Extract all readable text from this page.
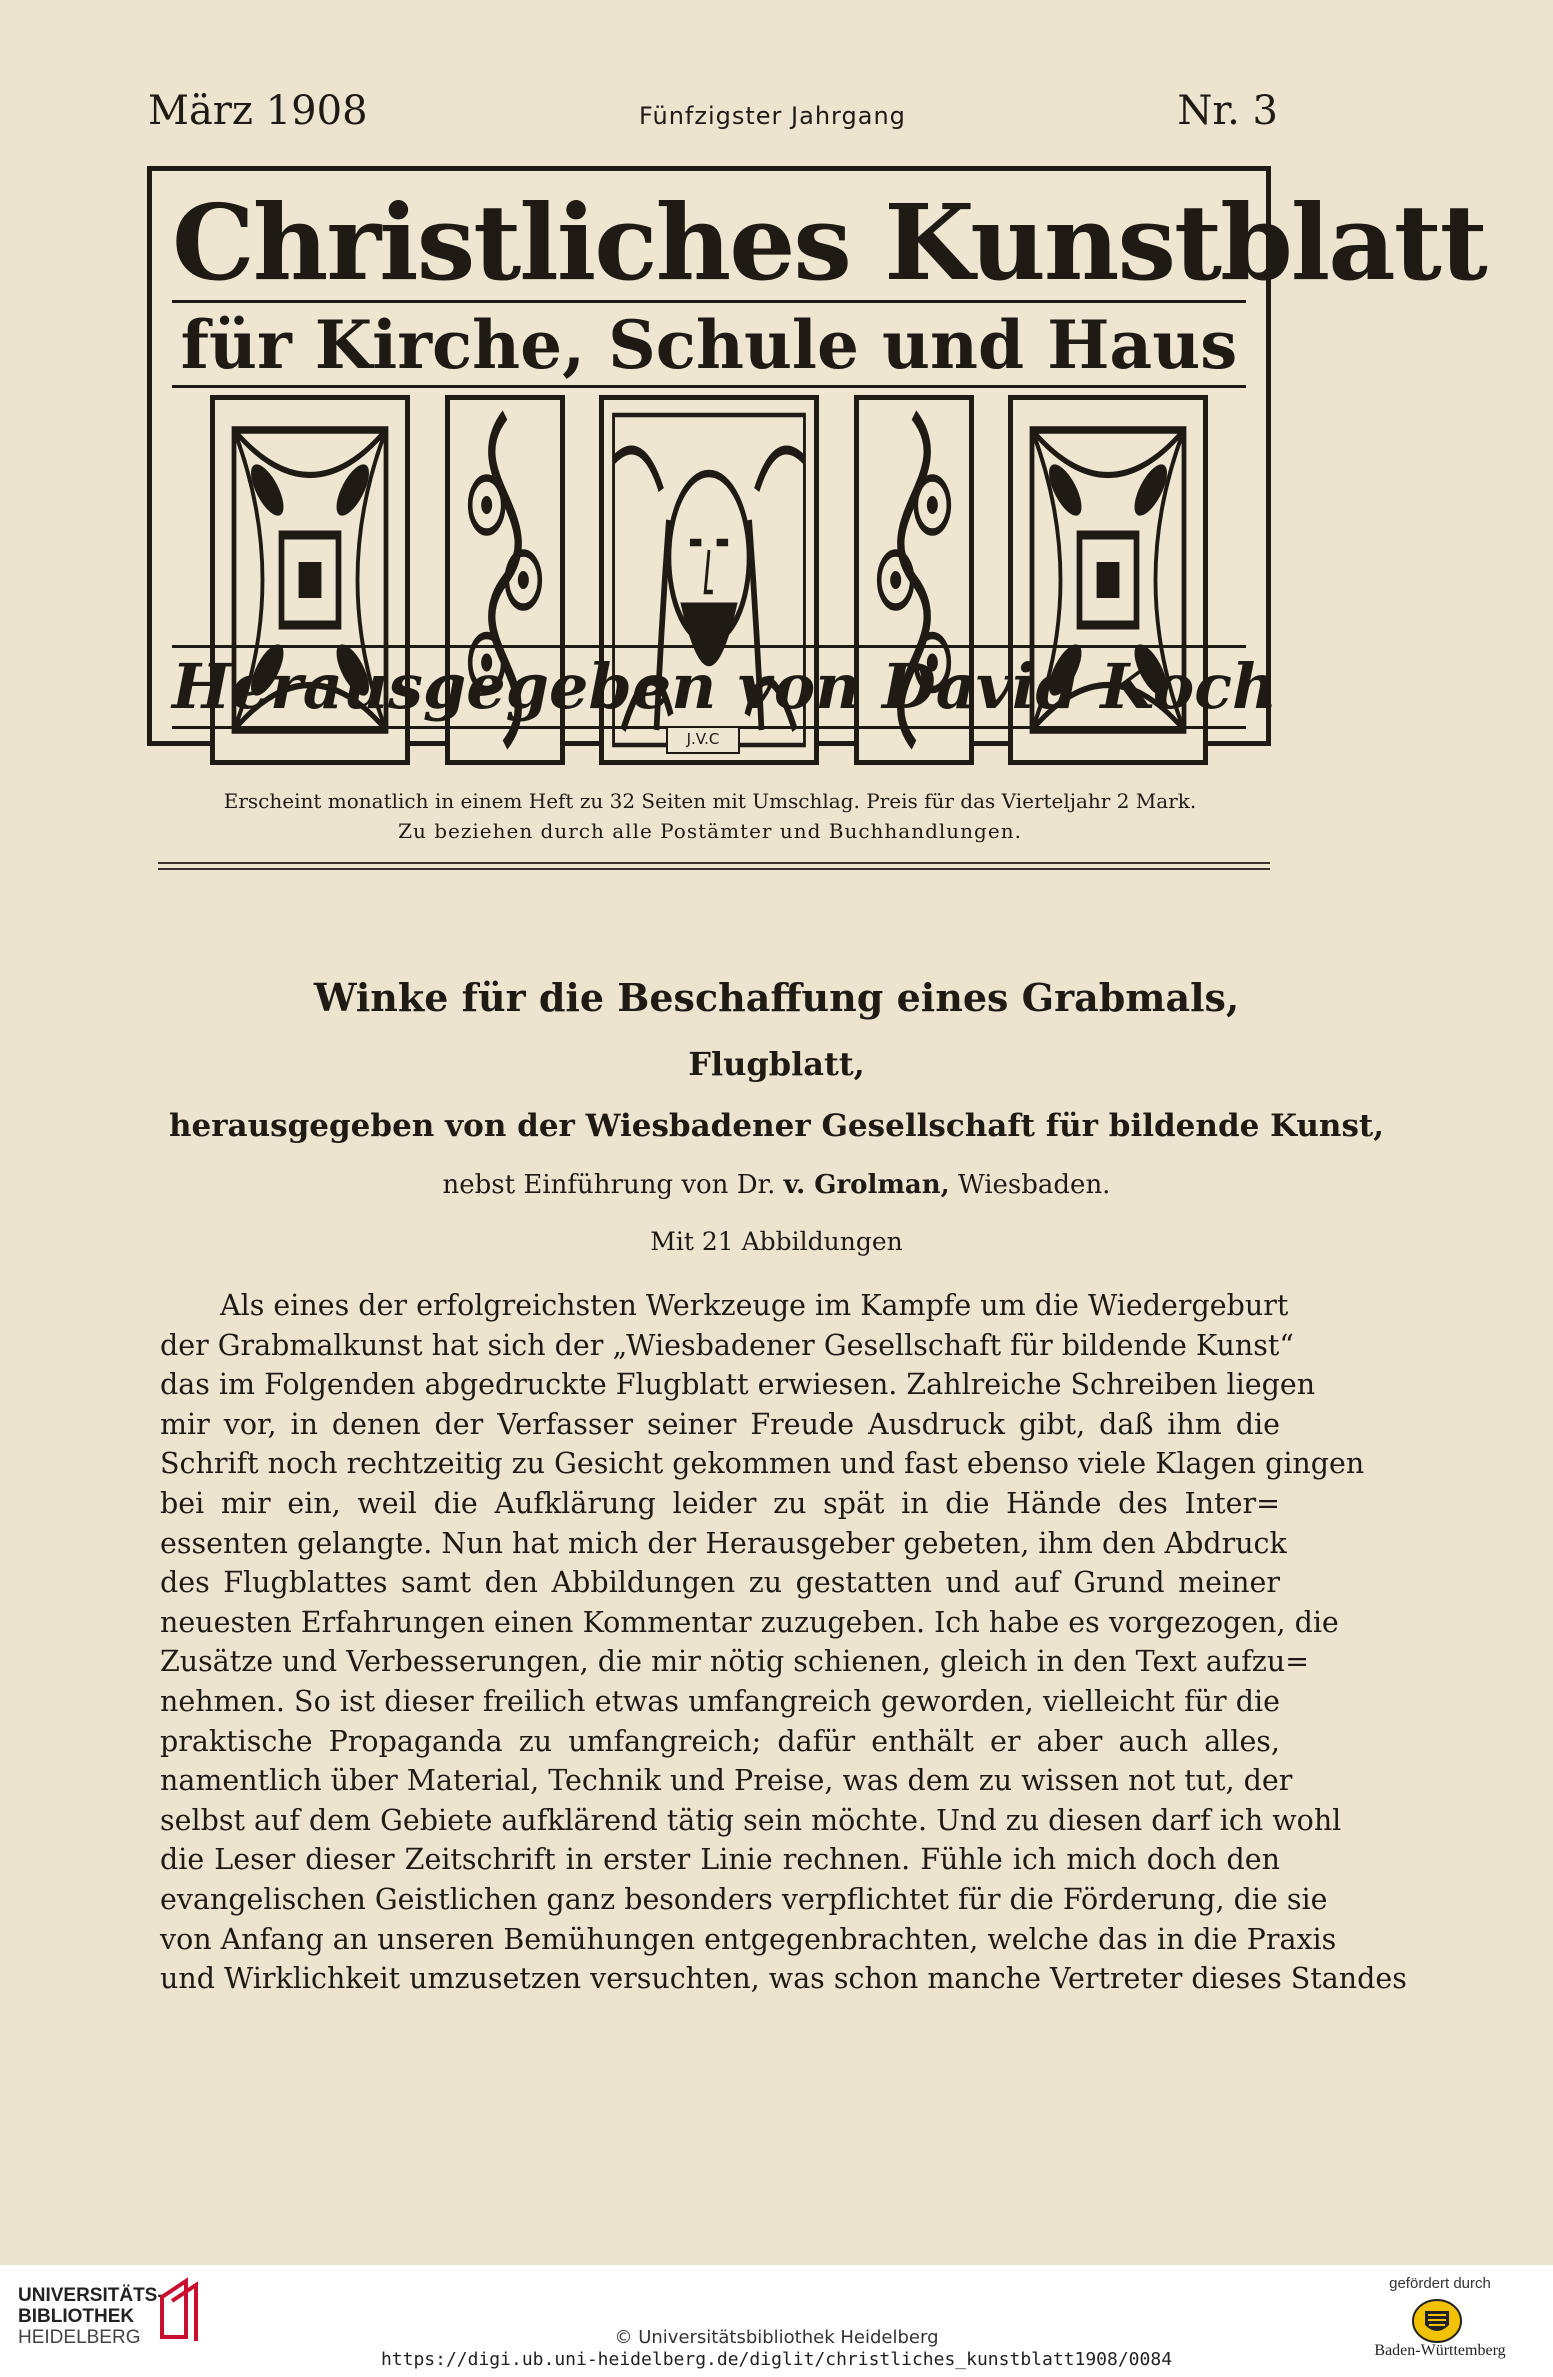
März 1908	Fünfzigster Jahrgang	Nr. 3
Christliches Kunstblatt
für Kirche, Schule und Haus
Herausgegeben von David Koch
J.V.C
Erscheint monatlich in einem Heft zu 32 Seiten mit Umschlag. Preis für das Vierteljahr 2 Mark.
Zu beziehen durch alle Postämter und Buchhandlungen.
Winke für die Beschaffung eines Grabmals,
Flugblatt,
herausgegeben von der Wiesbadener Gesellschaft für bildende Kunst,
nebst Einführung von Dr. v. Grolman, Wiesbaden.
Mit 21 Abbildungen
Als eines der erfolgreichsten Werkzeuge im Kampfe um die Wiedergeburt
der Grabmalkunst hat sich der „Wiesbadener Gesellschaft für bildende Kunst“
das im Folgenden abgedruckte Flugblatt erwiesen. Zahlreiche Schreiben liegen
mir vor, in denen der Verfasser seiner Freude Ausdruck gibt, daß ihm die
Schrift noch rechtzeitig zu Gesicht gekommen und fast ebenso viele Klagen gingen
bei mir ein, weil die Aufklärung leider zu spät in die Hände des Inter=
essenten gelangte. Nun hat mich der Herausgeber gebeten, ihm den Abdruck
des Flugblattes samt den Abbildungen zu gestatten und auf Grund meiner
neuesten Erfahrungen einen Kommentar zuzugeben. Ich habe es vorgezogen, die
Zusätze und Verbesserungen, die mir nötig schienen, gleich in den Text aufzu=
nehmen. So ist dieser freilich etwas umfangreich geworden, vielleicht für die
praktische Propaganda zu umfangreich; dafür enthält er aber auch alles,
namentlich über Material, Technik und Preise, was dem zu wissen not tut, der
selbst auf dem Gebiete aufklärend tätig sein möchte. Und zu diesen darf ich wohl
die Leser dieser Zeitschrift in erster Linie rechnen. Fühle ich mich doch den
evangelischen Geistlichen ganz besonders verpflichtet für die Förderung, die sie
von Anfang an unseren Bemühungen entgegenbrachten, welche das in die Praxis
und Wirklichkeit umzusetzen versuchten, was schon manche Vertreter dieses Standes
UNIVERSITÄTS-
BIBLIOTHEK
HEIDELBERG	© Universitätsbibliothek Heidelberg
https://digi.ub.uni-heidelberg.de/diglit/christliches_kunstblatt1908/0084
gefördert durch
Baden-Württemberg
